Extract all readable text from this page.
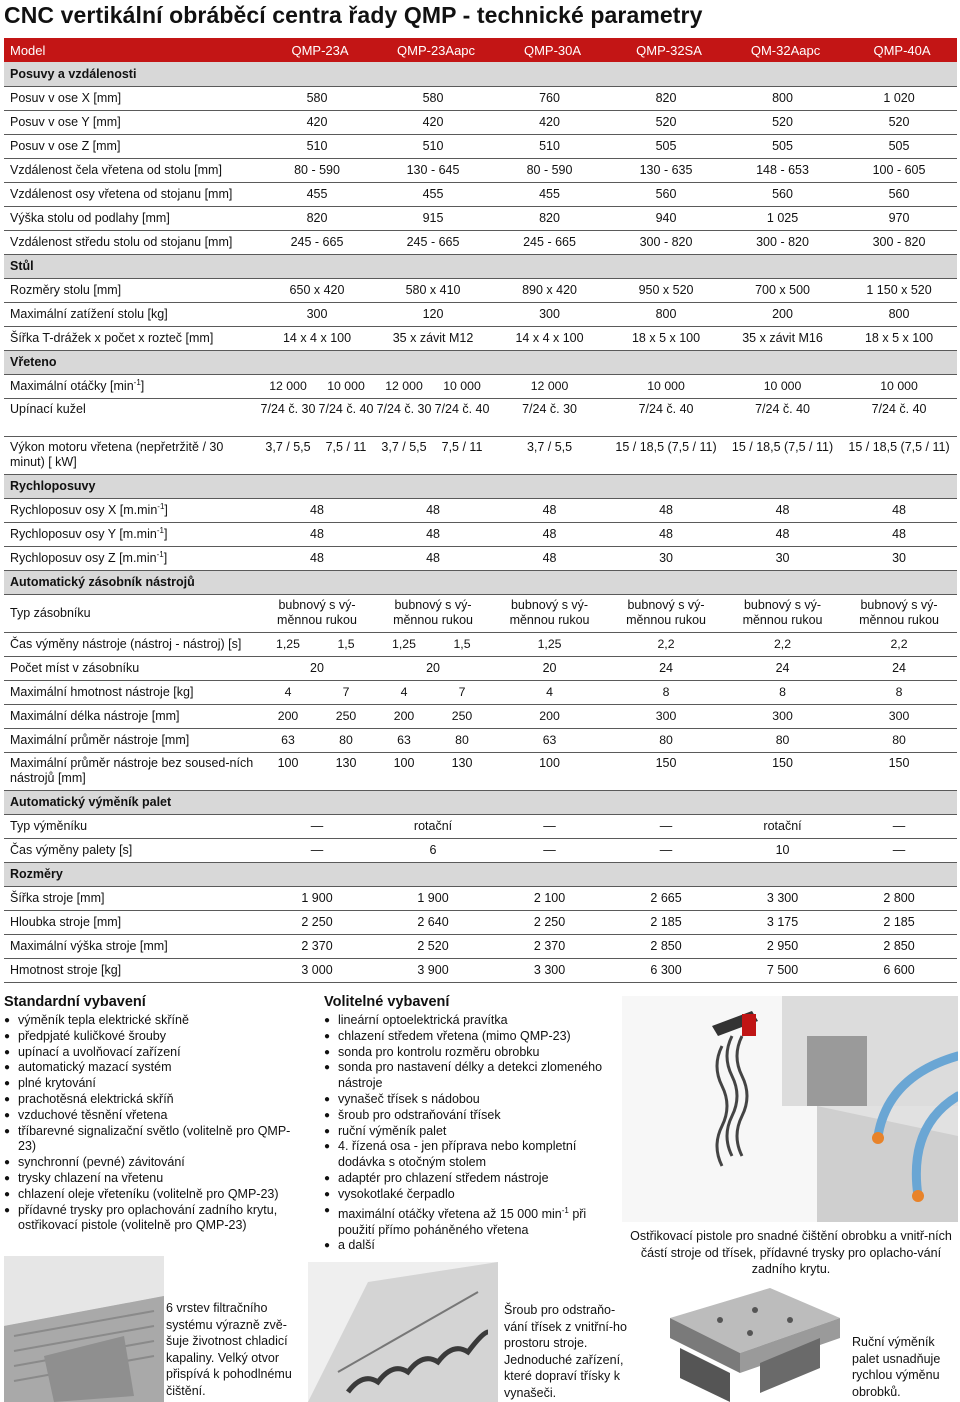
CNC vertikální obráběcí centra řady QMP - technické parametry
Model	QMP-23A		QMP-23Aapc		QMP-30A	QMP-32SA	QM-32Aapc	QMP-40A
Posuvy a vzdálenosti								
Posuv v ose X [mm]	580		580		760	820	800	1 020
Posuv v ose Y [mm]	420		420		420	520	520	520
Posuv v ose Z [mm]	510		510		510	505	505	505
Vzdálenost čela vřetena od stolu [mm]	80 - 590		130 - 645		80 - 590	130 - 635	148 - 653	100 - 605
Vzdálenost osy vřetena od stojanu [mm]	455		455		455	560	560	560
Výška stolu od podlahy [mm]	820		915		820	940	1 025	970
Vzdálenost středu stolu od stojanu [mm]	245 - 665		245 - 665		245 - 665	300 - 820	300 - 820	300 - 820
Stůl								
Rozměry stolu [mm]	650 x 420		580 x 410		890 x 420	950 x 520	700 x 500	1 150 x 520
Maximální zatížení stolu [kg]	300		120		300	800	200	800
Šířka T-drážek x počet x rozteč [mm]	14 x 4 x 100		35 x závit M12		14 x 4 x 100	18 x 5 x 100	35 x závit M16	18 x 5 x 100
Vřeteno								
Maximální otáčky $[\min^{-1}]$	12 000	10 000	12 000	10 000	12 000	10 000	10 000	10 000
Upínací kužel	7/24 č. 30	7/24 č. 40	7/24 č. 30	7/24 č. 40	7/24 č. 30	7/24 č. 40	7/24 č. 40	7/24 č. 40
Výkon motoru vřetena (nepřetržitě / 30 minut) [ kW]	3,7 / 5,5	7,5 / 11	3,7 / 5,5	7,5 / 11	3,7 / 5,5	15 / 18,5 (7,5 / 11)	15 / 18,5 (7,5 / 11)	15 / 18,5 (7,5 / 11)
Rychloposuvy								
Rychloposuv osy X $[m.\min^{-1}]$	48		48		48	48	48	48
Rychloposuv osy Y $[m.\min^{-1}]$	48		48		48	48	48	48
Rychloposuv osy Z $[m.\min^{-1}]$	48		48		48	30	30	30
Automatický zásobník nástrojů								
Typ zásobníku	bubnový s vý-měnnou rukou		bubnový s vý-měnnou rukou		bubnový s vý-měnnou rukou	bubnový s vý-měnnou rukou	bubnový s vý-měnnou rukou	bubnový s vý-měnnou rukou
Čas výměny nástroje (nástroj - nástroj) [s]	1,25	1,5	1,25	1,5	1,25	2,2	2,2	2,2
Počet míst v zásobníku	20		20		20	24	24	24
Maximální hmotnost nástroje [kg]	4	7	4	7	4	8	8	8
Maximální délka nástroje [mm]	200	250	200	250	200	300	300	300
Maximální průměr nástroje [mm]	63	80	63	80	63	80	80	80
Maximální průměr nástroje bez soused-ních nástrojů [mm]	100	130	100	130	100	150	150	150
Automatický výměník palet								
Typ výměníku	—		rotační		—	—	rotační	—
Čas výměny palety [s]	—		6		—	—	10	—
Rozměry								
Šířka stroje [mm]	1 900		1 900		2 100	2 665	3 300	2 800
Hloubka stroje [mm]	2 250		2 640		2 250	2 185	3 175	2 185
Maximální výška stroje [mm]	2 370		2 520		2 370	2 850	2 950	2 850
Hmotnost stroje [kg]	3 000		3 900		3 300	6 300	7 500	6 600
Standardní vybavení
● výměník tepla elektrické skříně
● předpjaté kuličkové šrouby
● upínací a uvolňovací zařízení
● automatický mazací systém
● plné krytování
● prachotěsná elektrická skříň
● vzduchové těsnění vřetena
● tříbarevné signalizační světlo (volitelně pro QMP-23)
● synchronní (pevné) závitování
● trysky chlazení na vřetenu
● chlazení oleje vřeteníku (volitelně pro QMP-23)
● přídavné trysky pro oplachování zadního krytu, ostřikovací pistole (volitelně pro QMP-23)
Volitelné vybavení
● lineární optoelektrická pravítka
● chlazení středem vřetena (mimo QMP-23)
● sonda pro kontrolu rozměru obrobku
● sonda pro nastavení délky a detekci zlomeného nástroje
● vynašeč třísek s nádobou
● šroub pro odstraňování třísek
● ruční výměník palet
● 4. řízená osa - jen příprava nebo kompletní dodávka s otočným stolem
● adaptér pro chlazení středem nástroje
● vysokotlaké čerpadlo
● maximální otáčky vřetena až 15 000 $\min^{-1}$ při použití přímo poháněného vřetena
● a další
Ostřikovací pistole pro snadné čištění obrobku a vnitř-ních částí stroje od třísek, přídavné trysky pro oplacho-vání zadního krytu.
6 vrstev filtračního systému výrazně zvě-šuje životnost chladicí kapaliny. Velký otvor přispívá k pohodlnému čištění.
Šroub pro odstraňo-vání třísek z vnitřní-ho prostoru stroje. Jednoduché zařízení, které dopraví třísky k vynašeči.
Ruční výměník palet usnadňuje rychlou výměnu obrobků.
